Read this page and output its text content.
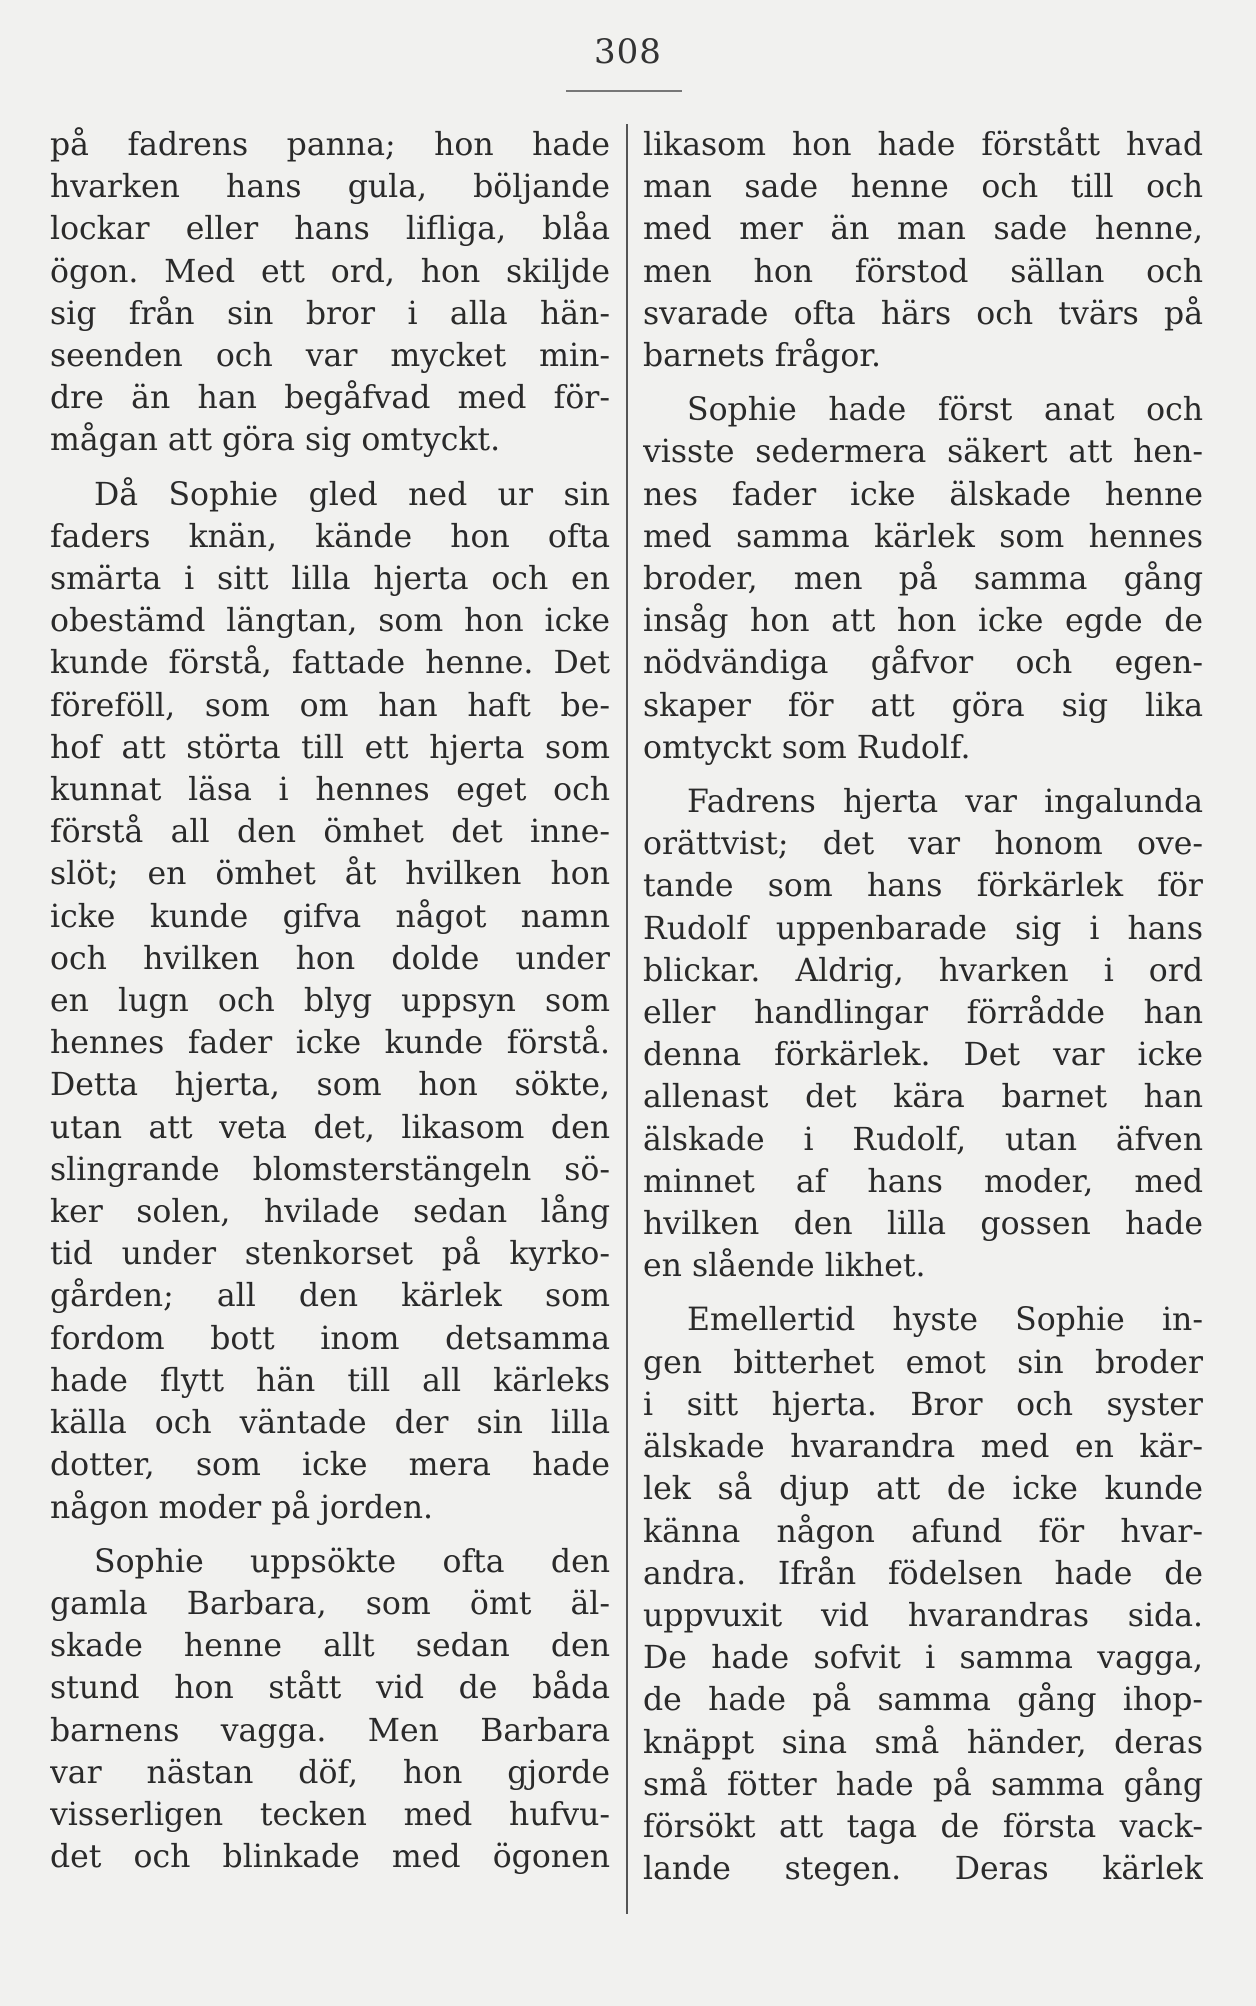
308

på fadrens panna; hon hade
hvarken hans gula, böljande
lockar eller hans lifliga, blåa
ögon. Med ett ord, hon skiljde
sig från sin bror i alla hän-
seenden och var mycket min-
dre än han begåfvad med för-
mågan att göra sig omtyckt.

Då Sophie gled ned ur sin
faders knän, kände hon ofta
smärta i sitt lilla hjerta och en
obestämd längtan, som hon icke
kunde förstå, fattade henne. Det
föreföll, som om han haft be-
hof att störta till ett hjerta som
kunnat läsa i hennes eget och
förstå all den ömhet det inne-
slöt; en ömhet åt hvilken hon
icke kunde gifva något namn
och hvilken hon dolde under
en lugn och blyg uppsyn som
hennes fader icke kunde förstå.
Detta hjerta, som hon sökte,
utan att veta det, likasom den
slingrande blomsterstängeln sö-
ker solen, hvilade sedan lång
tid under stenkorset på kyrko-
gården; all den kärlek som
fordom bott inom detsamma
hade flytt hän till all kärleks
källa och väntade der sin lilla
dotter, som icke mera hade
någon moder på jorden.

Sophie uppsökte ofta den
gamla Barbara, som ömt äl-
skade henne allt sedan den
stund hon stått vid de båda
barnens vagga. Men Barbara
var nästan döf, hon gjorde
visserligen tecken med hufvu-
det och blinkade med ögonen

likasom hon hade förstått hvad
man sade henne och till och
med mer än man sade henne,
men hon förstod sällan och
svarade ofta härs och tvärs på
barnets frågor.

Sophie hade först anat och
visste sedermera säkert att hen-
nes fader icke älskade henne
med samma kärlek som hennes
broder, men på samma gång
insåg hon att hon icke egde de
nödvändiga gåfvor och egen-
skaper för att göra sig lika
omtyckt som Rudolf.

Fadrens hjerta var ingalunda
orättvist; det var honom ove-
tande som hans förkärlek för
Rudolf uppenbarade sig i hans
blickar. Aldrig, hvarken i ord
eller handlingar förrådde han
denna förkärlek. Det var icke
allenast det kära barnet han
älskade i Rudolf, utan äfven
minnet af hans moder, med
hvilken den lilla gossen hade
en slående likhet.

Emellertid hyste Sophie in-
gen bitterhet emot sin broder
i sitt hjerta. Bror och syster
älskade hvarandra med en kär-
lek så djup att de icke kunde
känna någon afund för hvar-
andra. Ifrån födelsen hade de
uppvuxit vid hvarandras sida.
De hade sofvit i samma vagga,
de hade på samma gång ihop-
knäppt sina små händer, deras
små fötter hade på samma gång
försökt att taga de första vack-
lande stegen. Deras kärlek
